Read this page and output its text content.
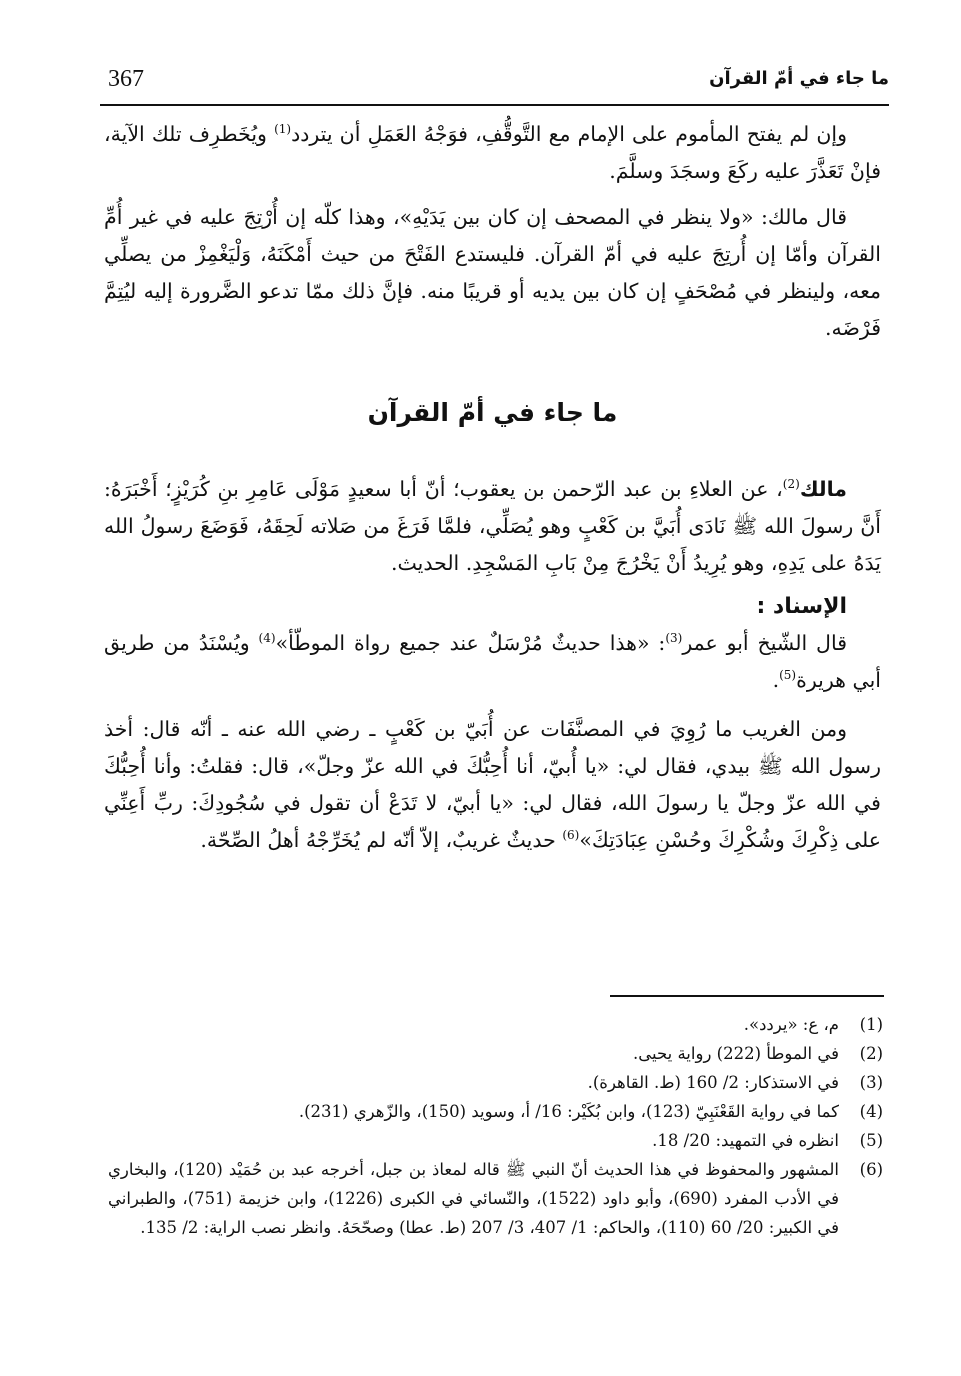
367	ما جاء في أمّ القرآن

وإن لم يفتح المأموم على الإمام مع التَّوقُّفِ، فوَجْهُ العَمَلِ أن يتردد$^{(1)}$ ويُخَطرِف تلك الآية، فإنْ تَعَذَّرَ عليه ركَعَ وسجَدَ وسلَّمَ.

قال مالك: «ولا ينظر في المصحف إن كان بين يَدَيْهِ»، وهذا كلّه إن أُرْتِجَ عليه في غير أُمِّ القرآن وأمّا إن أُرتِجَ عليه في أمّ القرآن. فليستدع الفَتْحَ من حيث أَمْكَنَهُ، وَلْيَغْمِزْ من يصلِّي معه، ولينظر في مُصْحَفٍ إن كان بين يديه أو قريبًا منه. فإنَّ ذلك ممّا تدعو الضَّرورة إليه ليُتِمَّ فَرْضَه.

ما جاء في أمّ القرآن

مالك$^{(2)}$، عن العلاءِ بن عبد الرّحمن بن يعقوب؛ أنّ أبا سعيدٍ مَوْلَى عَامِرِ بنِ كُرَيْزٍ؛ أَخْبَرَهُ: أَنَّ رسولَ الله ﷺ نَادَى أُبَيَّ بن كَعْبٍ وهو يُصَلِّي، فلمَّا فَرَغَ من صَلاته لَحِقَهُ، فَوَضَعَ رسولُ الله يَدَهُ على يَدِهِ، وهو يُرِيدُ أَنْ يَخْرُجَ مِنْ بَابِ المَسْجِدِ. الحديث.

الإسناد :

قال الشّيخ أبو عمر$^{(3)}$: «هذا حديثٌ مُرْسَلٌ عند جميع رواة الموطّأ»$^{(4)}$ ويُسْنَدُ من طريق أبي هريرة$^{(5)}$.

ومن الغريب ما رُوِيَ في المصنَّفَات عن أُبَيّ بن كَعْبٍ ـ رضي الله عنه ـ أنّه قال: أخذ رسول الله ﷺ بيدي، فقال لي: «يا أُبيّ، أنا أُحِبُّكَ في الله عزّ وجلّ»، قال: فقلتُ: وأنا أُحِبُّكَ في الله عزّ وجلّ يا رسولَ الله، فقال لي: «يا أبيّ، لا تَدَعْ أن تقول في سُجُودِكَ: ربِّ أَعِنِّي على ذِكْرِكَ وشُكْرِكَ وحُسْنِ عِبَادَتِكَ»$^{(6)}$ حديثٌ غريبٌ، إلاّ أنّه لم يُخَرِّجْهُ أهلُ الصِّحّة.

(1)
م، ع: «يردد».
(2)
في الموطأ (222) رواية يحيى.
(3)
في الاستذكار: 2/ 160 (ط. القاهرة).
(4)
كما في رواية القَعْنَبِيّ (123)، وابن بُكَيْر: 16/ أ، وسويد (150)، والزّهري (231).
(5)
انظره في التمهيد: 20/ 18.
(6)
المشهور والمحفوظ في هذا الحديث أنّ النبي ﷺ قاله لمعاذ بن جبل، أخرجه عبد بن حُمَيْد (120)، والبخاري في الأدب المفرد (690)، وأبو داود (1522)، والنّسائي في الكبرى (1226)، وابن خزيمة (751)، والطبراني في الكبير: 20/ 60 (110)، والحاكم: 1/ 407، 3/ 207 (ط. عطا) وصحّحَهُ. وانظر نصب الراية: 2/ 135.
